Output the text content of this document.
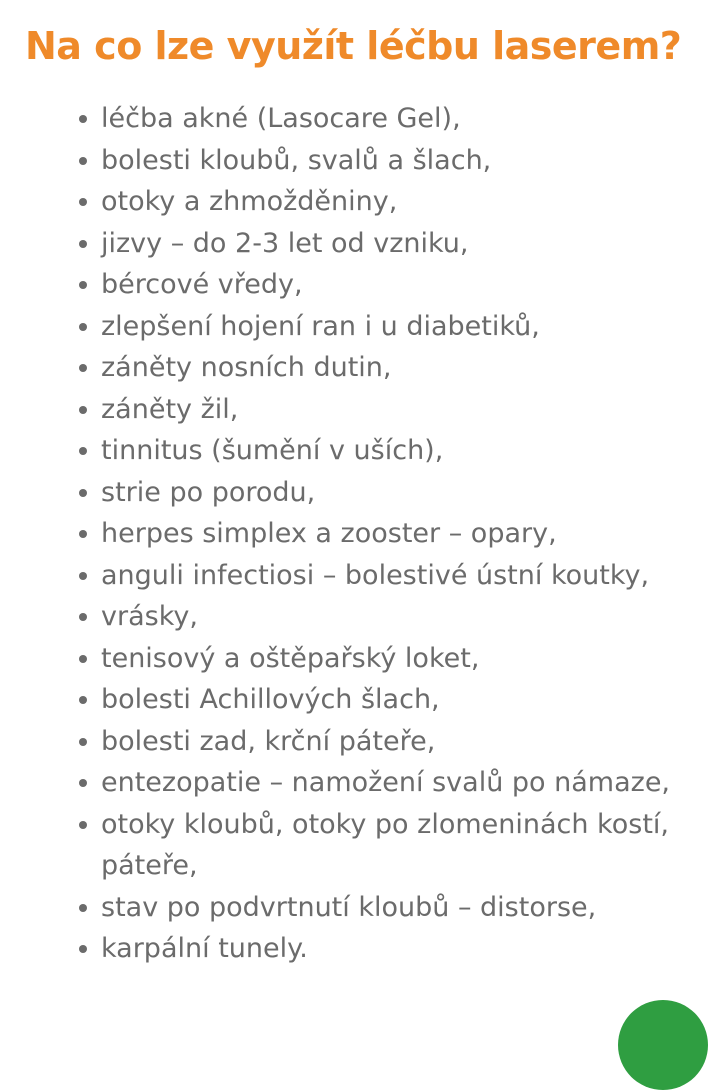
Na co lze využít léčbu laserem?
léčba akné (Lasocare Gel),
bolesti kloubů, svalů a šlach,
otoky a zhmožděniny,
jizvy – do 2-3 let od vzniku,
bércové vředy,
zlepšení hojení ran i u diabetiků,
záněty nosních dutin,
záněty žil,
tinnitus (šumění v uších),
strie po porodu,
herpes simplex a zooster – opary,
anguli infectiosi – bolestivé ústní koutky,
vrásky,
tenisový a oštěpařský loket,
bolesti Achillových šlach,
bolesti zad, krční páteře,
entezopatie – namožení svalů po námaze,
otoky kloubů, otoky po zlomeninách kostí, páteře,
stav po podvrtnutí kloubů – distorse,
karpální tunely.
